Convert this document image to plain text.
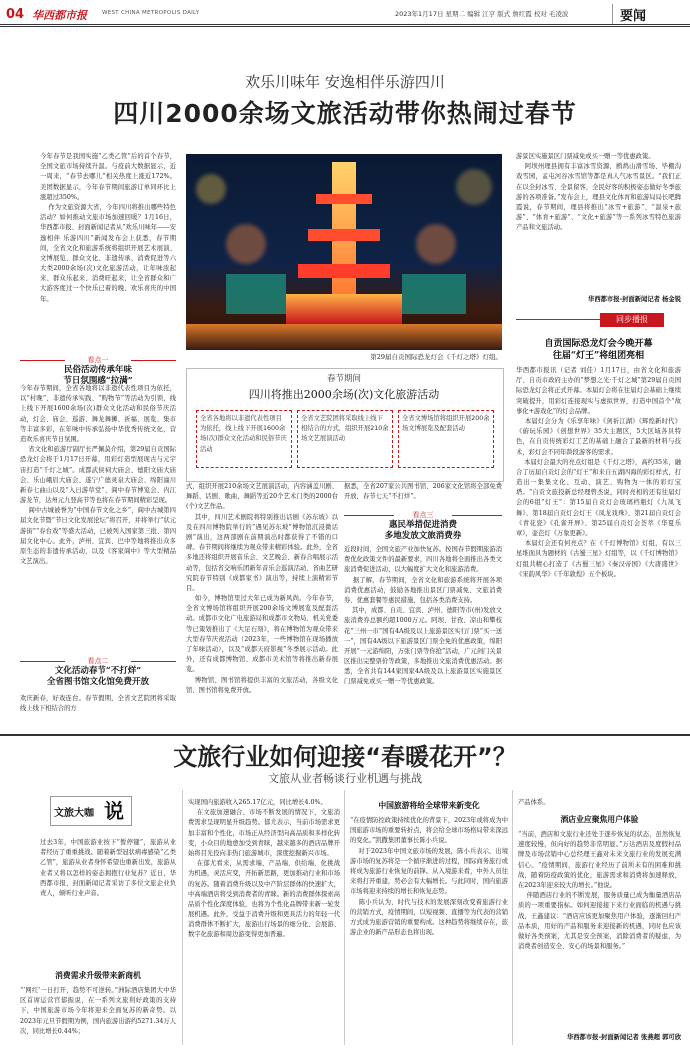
04 华西都市报	WEST CHINA METROPOLIS DAILY	2023年1月17日 星期二 编辑 江亨 版式 詹红霞 校对 毛凌波	要闻
欢乐川味年 安逸相伴乐游四川
四川2000余场文旅活动带你热闹过春节
今年春节是我国实施“乙类乙管”后的首个春节，全国文旅市场持续升温。与疫前大数据显示，近一周来，“春节去哪儿”相关热度上涨近172%。美团数据显示，今年春节期间旅游订单同环比上涨超过350%。
作为文旅资源大省，今年四川将推出哪些特色活动？如何推动文旅市场加速回暖？1月16日，华西都市报、封面新闻记者从“欢乐川味年——安逸相伴 乐游四川”新闻发布会上获悉，春节期间，全省文化和旅游系统将组织开展艺术展演、文博展览、群众文化、非遗传承、消费促进等六大类2000余场(次)文化旅游活动，让年味浓起来、群众乐起来、消费旺起来，让全省群众和广大游客度过一个快乐已着的晚、欢乐喜庆的中国年。
看点一
民俗活动传承年味
节日氛围感“拉满”
今年春节期间，全省各地将以非遗代表性项目为依托，以“村晚”、非遗传承实践、“购物节”等活动为引领，线上线下开展1600余场(次)群众文化活动和民俗节庆活动，灯会、庙会、巡游、舞龙舞狮、祈福、展览、集市等丰富多彩，在年味中传承弘扬中华优秀传统文化，营造欢乐喜庆节日氛围。
省文化和旅游厅副厅长严佩莫介绍，第29届自贡国际恐龙灯会将于1月17日开幕，用彩灯造型展现古与元宇宙打造“千灯之城”。成都武侯祠大庙会、德阳文庙大庙会、乐山峨眉大庙会、遂宁广德灵泉大庙会、绵阳潼川新春七曲山以及“入日游草堂”、阆中春节博览会、内江游龙节，达州元九登高节等也将在春节期间精彩呈现。
阆中古城被誉为“中国春节文化之乡”，阆中古城第四届文化节暨“节日文化发展论坛”将召开，并将举行“状元游街”“春台戏”等盛大活动，已被列入国家第三批、第四届文化中心。此外，泸州、宜宾、巴中等地将推出众多原生态的非遗传承活动，以及《客家阆中》等大型精品文艺演出。
看点二
文化活动春节“不打烊”
全省图书馆文化馆免费开放
欢庆新春，好戏连台。春节假期，全省文艺院团将采取线上线下相结合的方
第29届自贡国际恐龙灯会《千灯之塔》灯组。
春节期间
四川将推出2000余场(次)文化旅游活动
全省各地将以非遗代表性项目为依托，线上线下开展1600余场(次)群众文化活动和民俗节庆活动
全省文艺院团将采取线上线下相结合的方式，组织开展210余场文艺展演活动
全省文博场馆将组织开展200余场文博展览及配套活动
式，组织开展210余场文艺展演活动，内容涵盖川剧、舞蹈、话剧、歌曲、舞蹈等近20个艺术门类的2000台(个)文艺作品。
其中，四川艺术剧院将特别推出话剧《苏东坡》以及在四川博物院举行的“遇见苏东坡”博物馆沉浸微话剧”演出，这两部剧在前期演出时都获得了不错的口碑。春节期间将继续为观众带来精彩体验。此外，全省多地还将组织开展音乐会、文艺晚会、新春合唱展示活动等，包括省交响乐团新年音乐会巡演活动、省曲艺研究院春节特别《成都家书》演出等，持续上演精彩节目。
如今，博物馆里过大年已成为新风尚。今年春节，全省文博场馆将组织开展200余场文博展览及配套活动。成都市文化广电旅游局和成都市文物局、机关党委等已策划推出了《大足石刻》，将在博物馆为观众带来大型春节庆祝活动（2023年，一些博物馆在现场播放了年味活动），以及“成都天府影视”冬季展示活动。此外，还有成都博物馆、成都市美术馆等将推出新春展览。
博物馆、图书馆将提供丰富的文旅活动，各级文化馆、图书馆将免费开放。
据悉，全省207家公共图书馆、206家文化馆将全部免费开放，春节七天“不打烊”。
看点三
惠民举措促进消费
多地发放文旅消费券
近段时间，全国文旅产业加快复苏。按国春节假期旅游消费优化政策文件的最新要求，四川各地将全面推出各类文旅消费促进活动，以大幅度扩大文化和旅游消费。
据了解，春节期间，全省文化和旅游系统将开展各项消费优惠活动，鼓励各地推出景区门票减免、文旅消费券、优惠套餐等惠民措施，包括各类消费支持。
其中，成都、自贡、宜宾、泸州、德阳等市(州)发放文旅消费券总额约超1000万元。阿坝、甘孜、凉山和攀枝花“三州一市”国有4A级及以上旅游景区实行门票“买一送一”，国有4A级以下旅游景区门票全免的优惠政策，绵阳开展“一元游绵阳，万张门票等你抢”活动，广元剑门关景区推出完整票价等政策，多地推出文旅消费优惠活动。据悉，全省共有144家国家4A级及以上旅游景区实施景区门票减免或买一赠一等优惠政策。
游景区实施景区门票减免或买一赠一等优惠政策。
阿坝州理县拥有丰富冰雪资源，鹧鸪山滑雪场、毕棚沟戏雪园，孟屯河谷冰雪馆等都是真人气冰雪景区。“我们正在以全封冰雪、全景留客，全民好客的积极姿态做好冬季旅游的各项准备。”发布会上，理县文化体育和旅游局局长吧腾霞说，春节期间，理县将推出“冰雪+旅游”、“温泉+旅游”、“体育+旅游”、“文化+旅游”等一系列冰雪特色旅游产品和文旅活动。
华西都市报-封面新闻记者 杨金锐
同步播报
自贡国际恐龙灯会今晚开幕
往届“灯王”将组团亮相
华西都市报讯（记者 刘佳）1月17日，由省文化和旅游厅、自贡市政府主办的“梦想之光·千灯之城”第29届自贡国际恐龙灯会将正式开幕。本届灯会将在往届灯会基础上继续突破提升，用彩灯连接现实与虚拟世界，打造中国首个“故事化+游戏化”的灯会品牌。
本届灯会分为《乐享年味》《剑祈江湖》《辉煌新时代》《蔚玩乐园》《创想世界》35大主题区，5大区域各具特色，在自贡传统彩灯工艺的基础上融合了最新的材料与技术，彩灯会不同年龄段游客的需求。
本届灯会最大的亮点灯组是《千灯之塔》，高约35米，融合了历届自贡灯会的“灯王”和来自五湖四海的彩灯样式，打造出一集集文化、互动、演艺、购物为一体的彩灯宝塔。“自贡文旅投新总经理曾杰说，同时亮相的还有往届灯会的6组“灯王”：第15届自贡灯会玻璃档瓶灯《九凤飞舞》、第18届自贡灯会灯王《凤龙戏珠》、第21届自贡灯会《青花瓷》《孔雀开屏》、第25届自贡灯会荟萃《华夏乐章》，壶芭灯《万象更新》。
本届灯会还有何亮点？在《千灯博物馆》灯组，有以三星堆面具为题材的《古蜀三星》灯组等，以《千灯博物馆》灯组共精心打造了《古蜀三星》《秦汉帝国》《大唐盛世》《宋韵风华》《千年敦煌》五个板块。
文旅行业如何迎接“春暖花开”？
文旅从业者畅谈行业机遇与挑战
文旅大咖 说
过去3年，中国旅游业按下“暂停键”，旅游从业者经历了重重挑战。随着新型冠状病毒感染“乙类乙管”，旅游从业者身怀希望也重新出发，旅游从业者又将以怎样的姿态拥抱行业复苏？近日，华西都市报、封面新闻记者采访了多位文旅企业负责人，倾听行业声音。
消费需求升级带来新商机
“‘网红’一日打开，趋势不可逆转。”洲际酒店集团大中华区首席运营官郁振说，在一系列文旅利好政策的支持下，中国旅游市场今年将迎来全面复苏的新奇势。以2023年元旦节假期为例，国内旅游出游约5271.34万人次，同比增长0.44%；
实现国内旅游收入265.17亿元，同比增长4.0%。
在文旅加速融合、市场不断发展的情况下，文旅消费需求呈现明显升级趋势。郁尤表示，当前市场需求更加丰富和个性化，市场正从经济型向高品质和多样化转变，小众目的地愈加受到青睐，越来越多的酒店品牌开始将目光投向非热门旅游城市，深度挖掘新兴市场。
在郁尤看来，从需求端、产品端、供给端、化挑战为机遇，灵活应变，开拓新思路，更加推动行业和市场的复苏。随着消费升级以及中产阶层群体的快速扩大，中高端酒店将受到消费者的青睐。新的消费群体探索高品质个性化深度体验，也将为个性化品牌带来新一轮发展机遇。此外，受益于消费升级和更具活力的年轻一代消费群体不断扩大，旅游出行场景的细分化、会展游、数字化旅游和周边游变得更加普遍。
中国旅游将给全球带来新变化
“在疫情防控政策持续优化的背景下，2023年或将成为中国旅游市场的重要转折点，将会给全球市场格局带来深远的变化。”凯撒集团董事长陈小兵说。
对于2023年中国文旅市场的发展，陈小兵表示，出境游市场的复苏将是一个循序渐进的过程，国际商务旅行或将成为旅游行业恢复的前锋。从入境游来看，中外人员往来将打开重建，势必会有大幅增长。与此同时，国内旅游市场将迎来持续的增长和恢复态势。
陈小兵认为，时代与技术的发展深刻改变着旅游行业的营销方式，疫情期间，以短视频、直播等为代表的营销方式成为旅游营销的重要构成。这种趋势将继续存在，旅游企业的新产品形态也将出现。
产品体系。
酒店业应聚焦用户体验
“当前，酒店和文旅行业还处于逐步恢复的状态，虽然恢复速度较慢，但向好的趋势非常明显。”万达酒店及度假村品牌及市场营销中心总经理王鑫对未来文旅行业的发展充满信心。“疫情期间，旅游行业经历了前所未有的困难和挑战，随着防疫政策的优化，旅游需求和消费将加速释放，在2023年迎来较大的增长。”他说。
伴随酒店行业的不断发展，服务质量已成为衡量酒店品质的一项重要指标。如何迎接接下来行业面临的机遇与挑战，王鑫建议：“酒店应该更加聚焦用户体验，逐渐回归产品本质，用好的产品和服务来迎接新的机遇，同时也应该做好各类预案，尤其是安全预案，消除消费者的疑虑，为消费者创造安全、安心的场景和服务。”
华西都市报-封面新闻记者 张燕超 郭可欣
